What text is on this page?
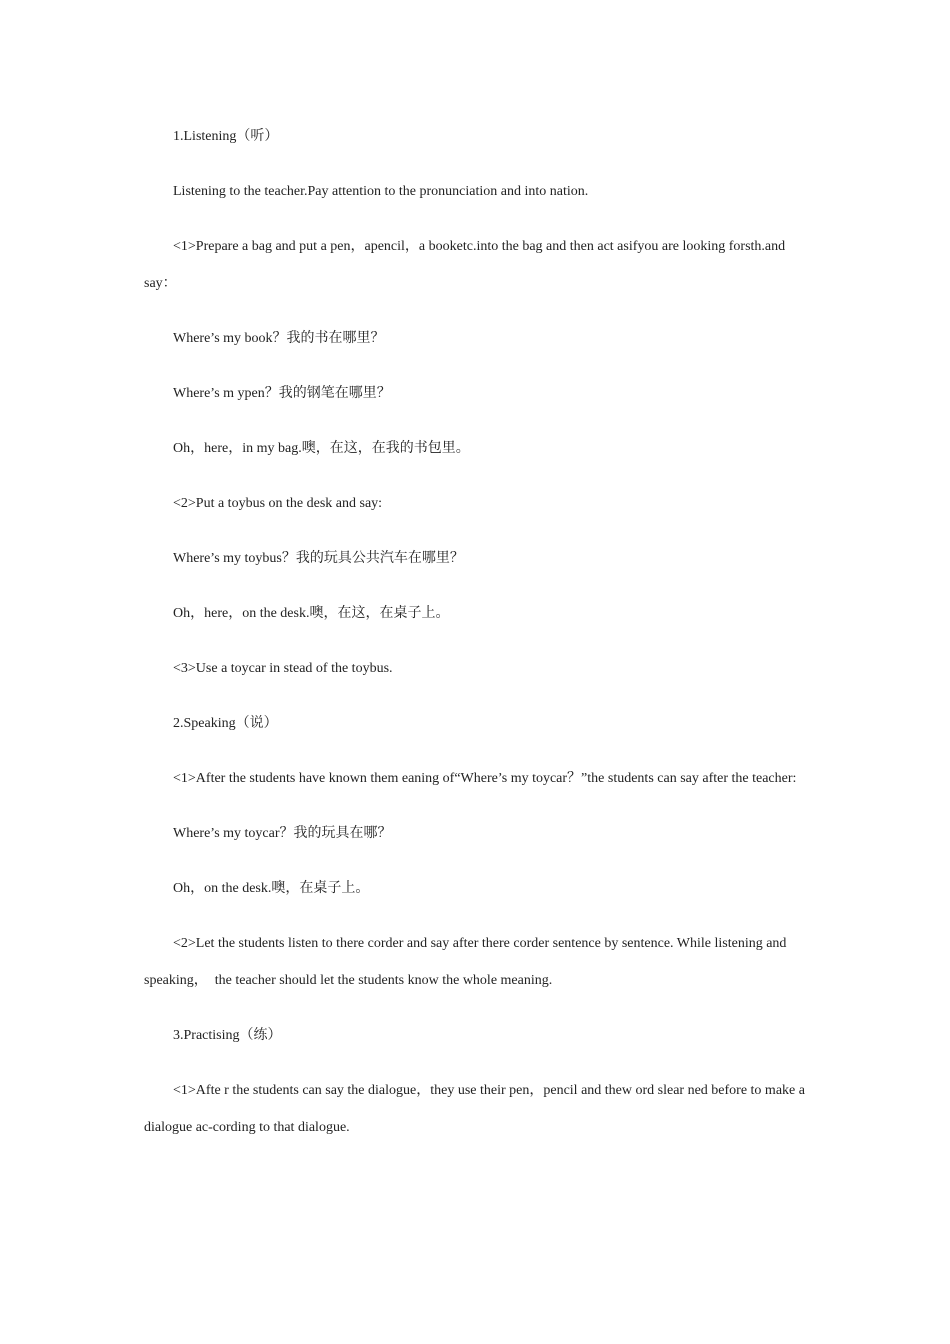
1.Listening（听）

Listening to the teacher.Pay attention to the pronunciation and into nation.

<1>Prepare a bag and put a pen，apencil，a booketc.into the bag and then act asifyou are looking forsth.and say：

Where’s my book？我的书在哪里？

Where’s m ypen？我的钢笔在哪里？

Oh，here，in my bag.噢，在这，在我的书包里。

<2>Put a toybus on the desk and say:

Where’s my toybus？我的玩具公共汽车在哪里？

Oh，here，on the desk.噢，在这，在桌子上。

<3>Use a toycar in stead of the toybus.

2.Speaking（说）

<1>After the students have known them eaning of“Where’s my toycar？”the students can say after the teacher:

Where’s my toycar？我的玩具在哪？

Oh，on the desk.噢，在桌子上。

<2>Let the students listen to there corder and say after there corder sentence by sentence. While listening and speaking，　the teacher should let the students know the whole meaning.

3.Practising（练）

<1>Afte r the students can say the dialogue，they use their pen，pencil and thew ord slear ned before to make a dialogue ac-cording to that dialogue.
